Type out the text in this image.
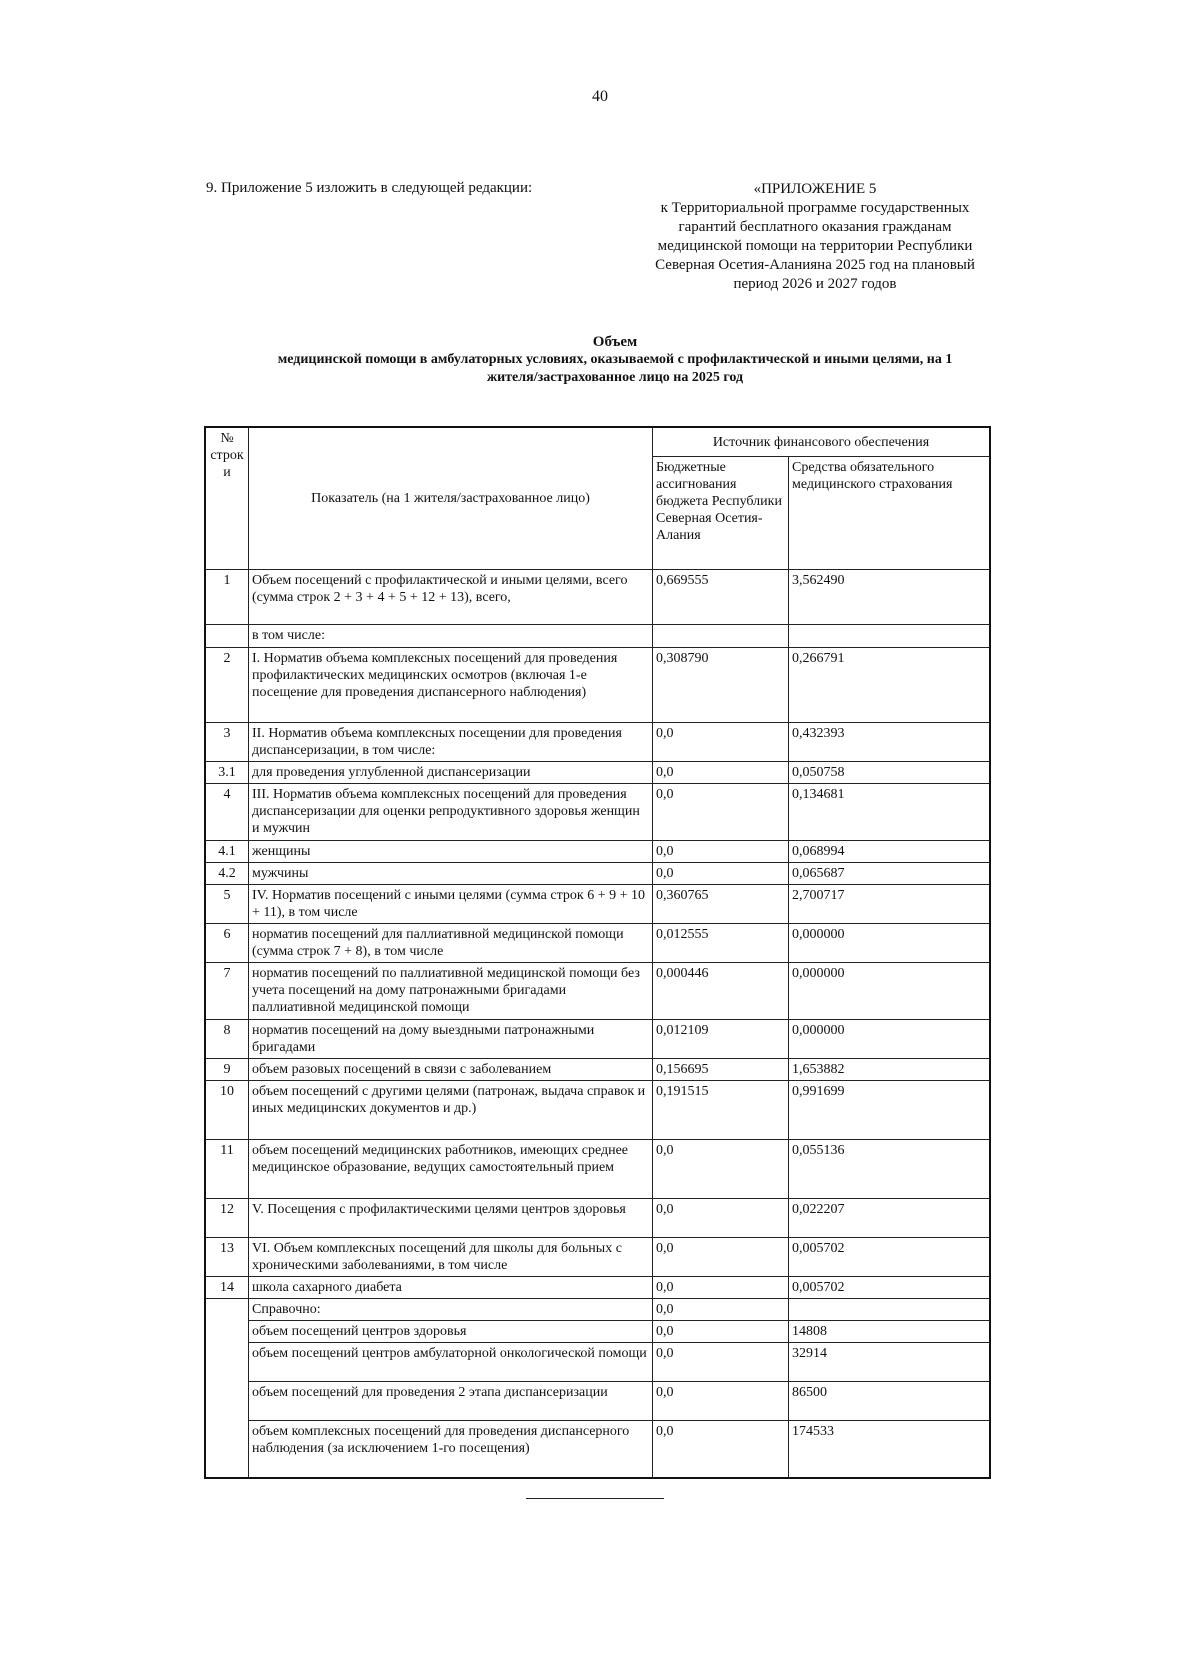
40
9. Приложение 5 изложить в следующей редакции:	«ПРИЛОЖЕНИЕ 5
к Территориальной программе государственных
гарантий бесплатного оказания гражданам
медицинской помощи на территории Республики
Северная Осетия-Аланияна 2025 год на плановый
период 2026 и 2027 годов
Объем
медицинской помощи в амбулаторных условиях, оказываемой с профилактической и иными целями, на 1
жителя/застрахованное лицо на 2025 год
№ строк и	Показатель (на 1 жителя/застрахованное лицо)	Источник финансового обеспечения	
		Бюджетные ассигнования бюджета Республики Северная Осетия-Алания	Средства обязательного медицинского страхования
1	Объем посещений с профилактической и иными целями, всего (сумма строк 2 + 3 + 4 + 5 + 12 + 13), всего,	0,669555	3,562490
	в том числе:		
2	I. Норматив объема комплексных посещений для проведения профилактических медицинских осмотров (включая 1-е посещение для проведения диспансерного наблюдения)	0,308790	0,266791
3	II. Норматив объема комплексных посещении для проведения диспансеризации, в том числе:	0,0	0,432393
3.1	для проведения углубленной диспансеризации	0,0	0,050758
4	III. Норматив объема комплексных посещений для проведения диспансеризации для оценки репродуктивного здоровья женщин и мужчин	0,0	0,134681
4.1	женщины	0,0	0,068994
4.2	мужчины	0,0	0,065687
5	IV. Норматив посещений с иными целями (сумма строк 6 + 9 + 10 + 11), в том числе	0,360765	2,700717
6	норматив посещений для паллиативной медицинской помощи (сумма строк 7 + 8), в том числе	0,012555	0,000000
7	норматив посещений по паллиативной медицинской помощи без учета посещений на дому патронажными бригадами паллиативной медицинской помощи	0,000446	0,000000
8	норматив посещений на дому выездными патронажными бригадами	0,012109	0,000000
9	объем разовых посещений в связи с заболеванием	0,156695	1,653882
10	объем посещений с другими целями (патронаж, выдача справок и иных медицинских документов и др.)	0,191515	0,991699
11	объем посещений медицинских работников, имеющих среднее медицинское образование, ведущих самостоятельный прием	0,0	0,055136
12	V. Посещения с профилактическими целями центров здоровья	0,0	0,022207
13	VI. Объем комплексных посещений для школы для больных с хроническими заболеваниями, в том числе	0,0	0,005702
14	школа сахарного диабета	0,0	0,005702
	Справочно:	0,0	
	объем посещений центров здоровья	0,0	14808
	объем посещений центров амбулаторной онкологической помощи	0,0	32914
	объем посещений для проведения 2 этапа диспансеризации	0,0	86500
	объем комплексных посещений для проведения диспансерного наблюдения (за исключением 1-го посещения)	0,0	174533
